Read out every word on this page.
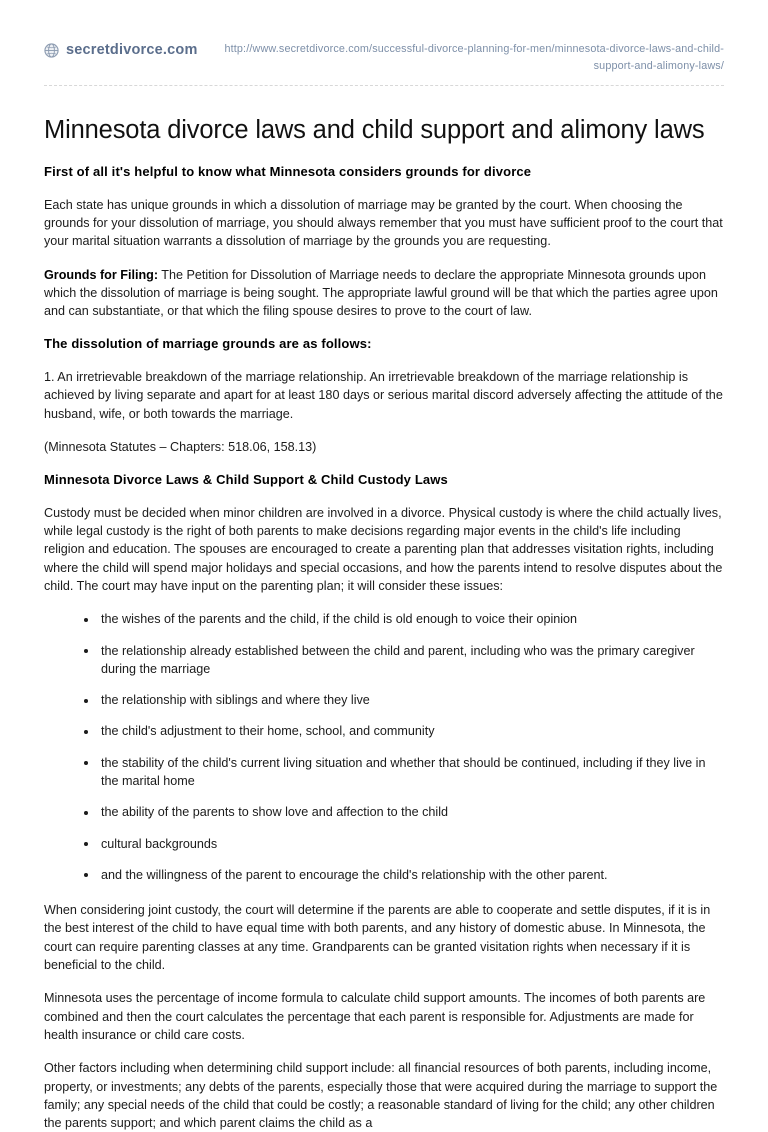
secretdivorce.com	http://www.secretdivorce.com/successful-divorce-planning-for-men/minnesota-divorce-laws-and-child-support-and-alimony-laws/
Minnesota divorce laws and child support and alimony laws
First of all it's helpful to know what Minnesota considers grounds for divorce

Each state has unique grounds in which a dissolution of marriage may be granted by the court. When choosing the grounds for your dissolution of marriage, you should always remember that you must have sufficient proof to the court that your marital situation warrants a dissolution of marriage by the grounds you are requesting.

Grounds for Filing: The Petition for Dissolution of Marriage needs to declare the appropriate Minnesota grounds upon which the dissolution of marriage is being sought. The appropriate lawful ground will be that which the parties agree upon and can substantiate, or that which the filing spouse desires to prove to the court of law.

The dissolution of marriage grounds are as follows:

1. An irretrievable breakdown of the marriage relationship. An irretrievable breakdown of the marriage relationship is achieved by living separate and apart for at least 180 days or serious marital discord adversely affecting the attitude of the husband, wife, or both towards the marriage.

(Minnesota Statutes – Chapters: 518.06, 158.13)

Minnesota Divorce Laws & Child Support & Child Custody Laws

Custody must be decided when minor children are involved in a divorce. Physical custody is where the child actually lives, while legal custody is the right of both parents to make decisions regarding major events in the child's life including religion and education. The spouses are encouraged to create a parenting plan that addresses visitation rights, including where the child will spend major holidays and special occasions, and how the parents intend to resolve disputes about the child. The court may have input on the parenting plan; it will consider these issues:

the wishes of the parents and the child, if the child is old enough to voice their opinion
the relationship already established between the child and parent, including who was the primary caregiver during the marriage
the relationship with siblings and where they live
the child's adjustment to their home, school, and community
the stability of the child's current living situation and whether that should be continued, including if they live in the marital home
the ability of the parents to show love and affection to the child
cultural backgrounds
and the willingness of the parent to encourage the child's relationship with the other parent.

When considering joint custody, the court will determine if the parents are able to cooperate and settle disputes, if it is in the best interest of the child to have equal time with both parents, and any history of domestic abuse. In Minnesota, the court can require parenting classes at any time. Grandparents can be granted visitation rights when necessary if it is beneficial to the child.

Minnesota uses the percentage of income formula to calculate child support amounts. The incomes of both parents are combined and then the court calculates the percentage that each parent is responsible for. Adjustments are made for health insurance or child care costs.

Other factors including when determining child support include: all financial resources of both parents, including income, property, or investments; any debts of the parents, especially those that were acquired during the marriage to support the family; any special needs of the child that could be costly; a reasonable standard of living for the child; any other children the parents support; and which parent claims the child as a
